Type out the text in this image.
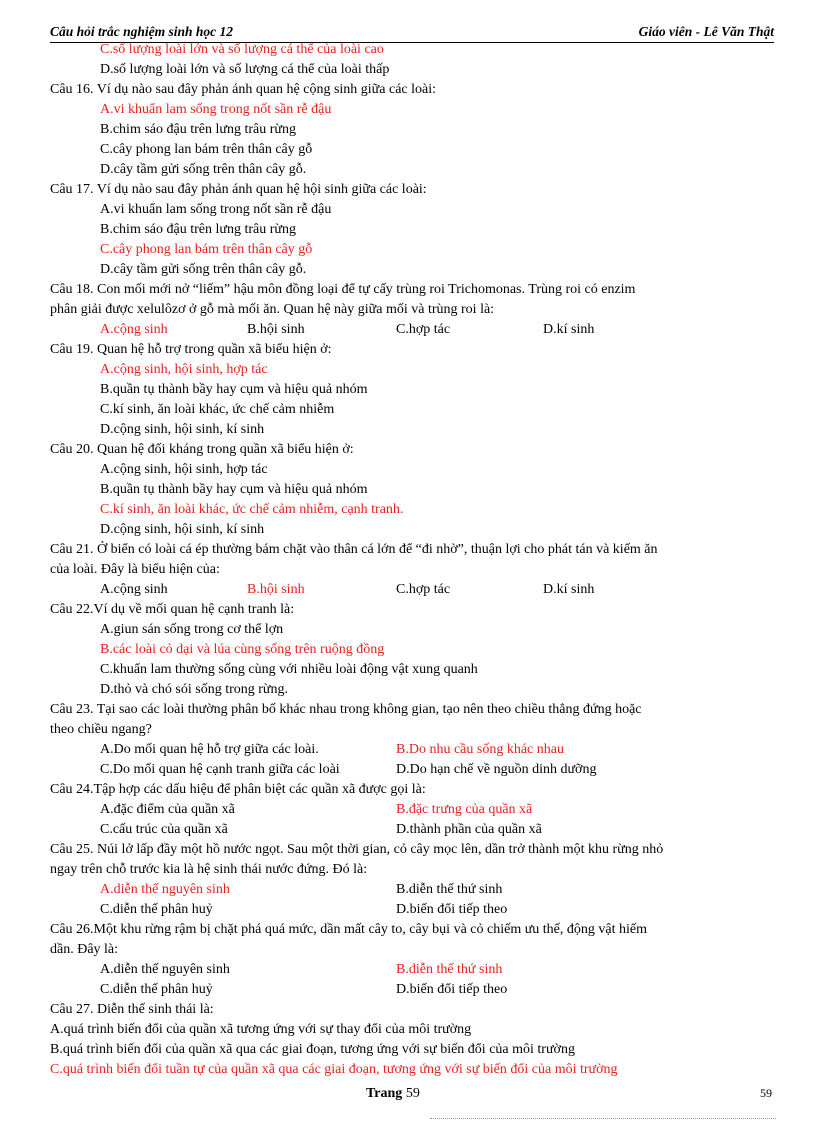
Câu hỏi trắc nghiệm sinh học 12	Giáo viên - Lê Văn Thật
C.số lượng loài lớn và số lượng cá thể của loài cao
D.số lượng loài lớn và số lượng cá thể của loài thấp
Câu 16. Ví dụ nào sau đây phản ánh quan hệ cộng sinh giữa các loài:
A.vi khuẩn lam sống trong nốt sần rễ đậu
B.chim sáo đậu trên lưng trâu rừng
C.cây phong lan bám trên thân cây gỗ
D.cây tầm gửi sống trên thân cây gỗ.
Câu 17. Ví dụ nào sau đây phản ánh quan hệ hội sinh giữa các loài:
A.vi khuẩn lam sống trong nốt sần rễ đậu
B.chim sáo đậu trên lưng trâu rừng
C.cây phong lan bám trên thân cây gỗ
D.cây tầm gửi sống trên thân cây gỗ.
Câu 18. Con mối mới nở “liếm” hậu môn đồng loại để tự cấy trùng roi Trichomonas. Trùng roi có enzim
phân giải được xelulôzơ ở gỗ mà mối ăn. Quan hệ này giữa mối và trùng roi là:
A.cộng sinh	B.hội sinh	C.hợp tác	D.kí sinh
Câu 19. Quan hệ hỗ trợ trong quần xã biểu hiện ở:
A.cộng sinh, hội sinh, hợp tác
B.quần tụ thành bầy hay cụm và hiệu quả nhóm
C.kí sinh, ăn loài khác, ức chế cảm nhiễm
D.cộng sinh, hội sinh, kí sinh
Câu 20. Quan hệ đối kháng trong quần xã biểu hiện ở:
A.cộng sinh, hội sinh, hợp tác
B.quần tụ thành bầy hay cụm và hiệu quả nhóm
C.kí sinh, ăn loài khác, ức chế cảm nhiễm, cạnh tranh.
D.cộng sinh, hội sinh, kí sinh
Câu 21. Ở biển có loài cá ép thường bám chặt vào thân cá lớn để “đi nhờ”, thuận lợi cho phát tán và kiếm ăn
của loài. Đây là biểu hiện của:
A.cộng sinh	B.hội sinh	C.hợp tác	D.kí sinh
Câu 22.Ví dụ về mối quan hệ cạnh tranh là:
A.giun sán sống trong cơ thể lợn
B.các loài cỏ dại và lúa cùng sống trên ruộng đồng
C.khuẩn lam thường sống cùng với nhiều loài động vật xung quanh
D.thỏ và chó sói sống trong rừng.
Câu 23. Tại sao các loài thường phân bố khác nhau trong không gian, tạo nên theo chiều thẳng đứng hoặc
theo chiều ngang?
A.Do mối quan hệ hỗ trợ giữa các loài.	B.Do nhu cầu sống khác nhau
C.Do mối quan hệ cạnh tranh giữa các loài	D.Do hạn chế về nguồn dinh dưỡng
Câu 24.Tập hợp các dấu hiệu để phân biệt các quần xã được gọi là:
A.đặc điểm của quần xã	B.đặc trưng của quần xã
C.cấu trúc của quần xã	D.thành phần của quần xã
Câu 25. Núi lở lấp đầy một hồ nước ngọt. Sau một thời gian, cỏ cây mọc lên, dần trở thành một khu rừng nhỏ
ngay trên chỗ trước kia là hệ sinh thái nước đứng. Đó là:
A.diễn thế nguyên sinh	B.diễn thế thứ sinh
C.diễn thế phân huỷ	D.biến đổi tiếp theo
Câu 26.Một khu rừng rậm bị chặt phá quá mức, dần mất cây to, cây bụi và cỏ chiếm ưu thế, động vật hiếm
dần. Đây là:
A.diễn thế nguyên sinh	B.diễn thế thứ sinh
C.diễn thế phân huỷ	D.biến đổi tiếp theo
Câu 27. Diễn thế sinh thái là:
A.quá trình biến đổi của quần xã tương ứng với sự thay đổi của môi trường
B.quá trình biến đổi của quần xã qua các giai đoạn, tương ứng với sự biến đổi của môi trường
C.quá trình biến đổi tuần tự của quần xã qua các giai đoạn, tương ứng với sự biến đổi của môi trường
Trang 59	59
